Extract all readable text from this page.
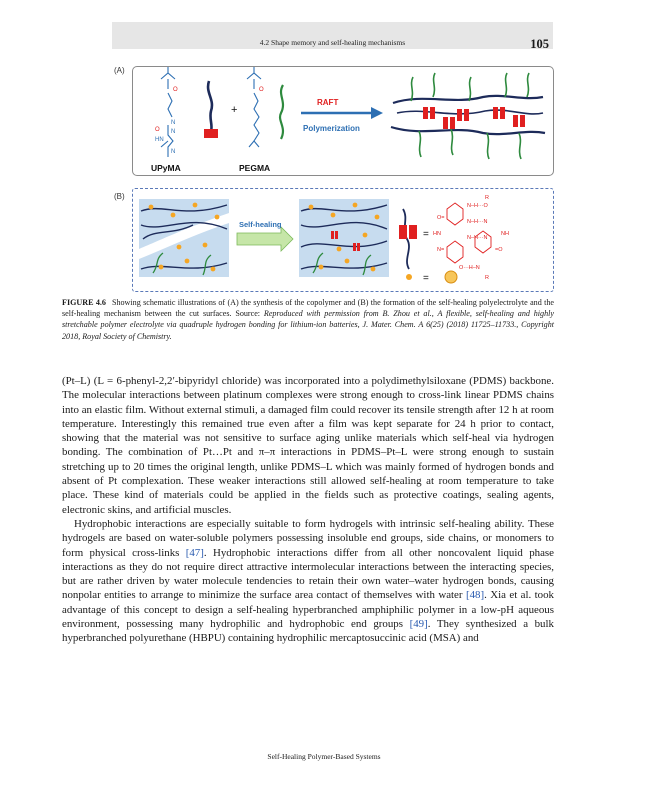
4.2 Shape memory and self-healing mechanisms	105
(A)
(B)
O
N
O
HN
N
N
UPyMA
+
O
PEGMA
RAFT
Polymerization
Self-healing
=
R
N–H···O
O=
N–H···N
HN
N–H···N
NH
N=	=O
O···H–N
R
=
FIGURE 4.6 Showing schematic illustrations of (A) the synthesis of the copolymer and (B) the formation of the self-healing polyelectrolyte and the self-healing mechanism between the cut surfaces. Source: Reproduced with permission from B. Zhou et al., A flexible, self-healing and highly stretchable polymer electrolyte via quadruple hydrogen bonding for lithium-ion batteries, J. Mater. Chem. A 6(25) (2018) 11725–11733., Copyright 2018, Royal Society of Chemistry.

(Pt–L) (L = 6-phenyl-2,2′-bipyridyl chloride) was incorporated into a polydimethylsiloxane (PDMS) backbone. The molecular interactions between platinum complexes were strong enough to cross-link linear PDMS chains into an elastic film. Without external stimuli, a damaged film could recover its tensile strength after 12 h at room temperature. Interestingly this remained true even after a film was kept separate for 24 h prior to contact, showing that the material was not sensitive to surface aging unlike materials which self-heal via hydrogen bonding. The combination of Pt…Pt and π–π interactions in PDMS–Pt–L were strong enough to sustain stretching up to 20 times the original length, unlike PDMS–L which was mainly formed of hydrogen bonds and absent of Pt complexation. These weaker interactions still allowed self-healing at room temperature to take place. These kind of materials could be applied in the fields such as protective coatings, sealing agents, electronic skins, and artificial muscles.

Hydrophobic interactions are especially suitable to form hydrogels with intrinsic self-healing ability. These hydrogels are based on water-soluble polymers possessing insoluble end groups, side chains, or monomers to form physical cross-links [47]. Hydrophobic interactions differ from all other noncovalent liquid phase interactions as they do not require direct attractive intermolecular interactions between the interacting species, but are rather driven by water molecule tendencies to retain their own water–water hydrogen bonds, causing nonpolar entities to arrange to minimize the surface area contact of themselves with water [48]. Xia et al. took advantage of this concept to design a self-healing hyperbranched amphiphilic polymer in a low-pH aqueous environment, possessing many hydrophilic and hydrophobic end groups [49]. They synthesized a bulk hyperbranched polyurethane (HBPU) containing hydrophilic mercaptosuccinic acid (MSA) and

Self-Healing Polymer-Based Systems
